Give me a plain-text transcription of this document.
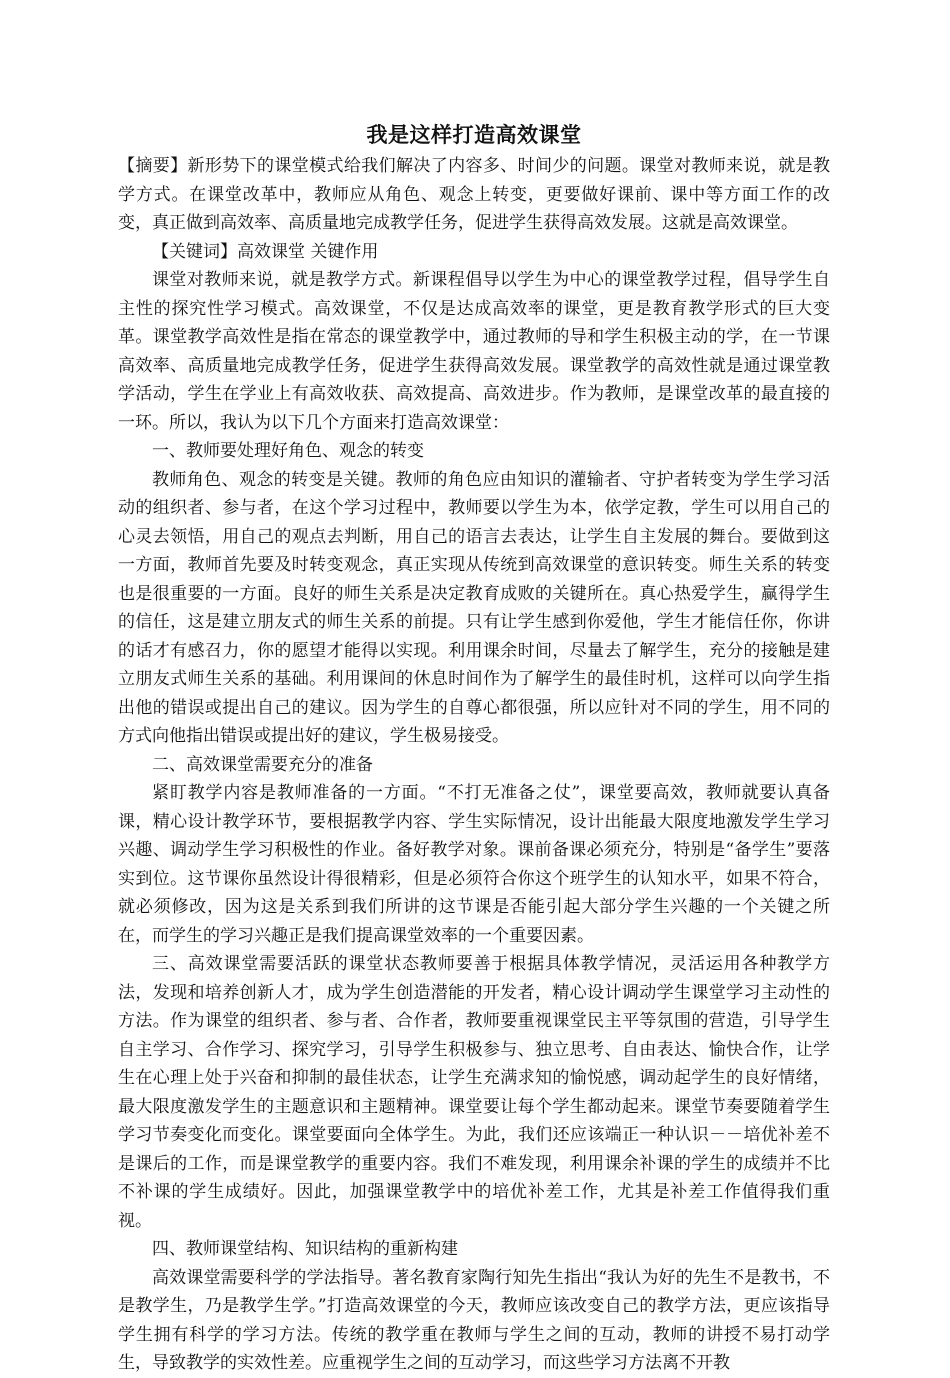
我是这样打造高效课堂

【摘要】新形势下的课堂模式给我们解决了内容多、时间少的问题。课堂对教师来说，就是教学方式。在课堂改革中，教师应从角色、观念上转变，更要做好课前、课中等方面工作的改变，真正做到高效率、高质量地完成教学任务，促进学生获得高效发展。这就是高效课堂。

【关键词】高效课堂 关键作用

课堂对教师来说，就是教学方式。新课程倡导以学生为中心的课堂教学过程，倡导学生自主性的探究性学习模式。高效课堂，不仅是达成高效率的课堂，更是教育教学形式的巨大变革。课堂教学高效性是指在常态的课堂教学中，通过教师的导和学生积极主动的学，在一节课高效率、高质量地完成教学任务，促进学生获得高效发展。课堂教学的高效性就是通过课堂教学活动，学生在学业上有高效收获、高效提高、高效进步。作为教师，是课堂改革的最直接的一环。所以，我认为以下几个方面来打造高效课堂：

一、教师要处理好角色、观念的转变

教师角色、观念的转变是关键。教师的角色应由知识的灌输者、守护者转变为学生学习活动的组织者、参与者，在这个学习过程中，教师要以学生为本，依学定教，学生可以用自己的心灵去领悟，用自己的观点去判断，用自己的语言去表达，让学生自主发展的舞台。要做到这一方面，教师首先要及时转变观念，真正实现从传统到高效课堂的意识转变。师生关系的转变也是很重要的一方面。良好的师生关系是决定教育成败的关键所在。真心热爱学生，赢得学生的信任，这是建立朋友式的师生关系的前提。只有让学生感到你爱他，学生才能信任你，你讲的话才有感召力，你的愿望才能得以实现。利用课余时间，尽量去了解学生，充分的接触是建立朋友式师生关系的基础。利用课间的休息时间作为了解学生的最佳时机，这样可以向学生指出他的错误或提出自己的建议。因为学生的自尊心都很强，所以应针对不同的学生，用不同的方式向他指出错误或提出好的建议，学生极易接受。

二、高效课堂需要充分的准备

紧盯教学内容是教师准备的一方面。“不打无准备之仗”，课堂要高效，教师就要认真备课，精心设计教学环节，要根据教学内容、学生实际情况，设计出能最大限度地激发学生学习兴趣、调动学生学习积极性的作业。备好教学对象。课前备课必须充分，特别是“备学生”要落实到位。这节课你虽然设计得很精彩，但是必须符合你这个班学生的认知水平，如果不符合，就必须修改，因为这是关系到我们所讲的这节课是否能引起大部分学生兴趣的一个关键之所在，而学生的学习兴趣正是我们提高课堂效率的一个重要因素。

三、高效课堂需要活跃的课堂状态教师要善于根据具体教学情况，灵活运用各种教学方法，发现和培养创新人才，成为学生创造潜能的开发者，精心设计调动学生课堂学习主动性的方法。作为课堂的组织者、参与者、合作者，教师要重视课堂民主平等氛围的营造，引导学生自主学习、合作学习、探究学习，引导学生积极参与、独立思考、自由表达、愉快合作，让学生在心理上处于兴奋和抑制的最佳状态，让学生充满求知的愉悦感，调动起学生的良好情绪，最大限度激发学生的主题意识和主题精神。课堂要让每个学生都动起来。课堂节奏要随着学生学习节奏变化而变化。课堂要面向全体学生。为此，我们还应该端正一种认识－－培优补差不是课后的工作，而是课堂教学的重要内容。我们不难发现，利用课余补课的学生的成绩并不比不补课的学生成绩好。因此，加强课堂教学中的培优补差工作，尤其是补差工作值得我们重视。

四、教师课堂结构、知识结构的重新构建

高效课堂需要科学的学法指导。著名教育家陶行知先生指出“我认为好的先生不是教书，不是教学生，乃是教学生学。”打造高效课堂的今天，教师应该改变自己的教学方法，更应该指导学生拥有科学的学习方法。传统的教学重在教师与学生之间的互动，教师的讲授不易打动学生，导致教学的实效性差。应重视学生之间的互动学习，而这些学习方法离不开教
